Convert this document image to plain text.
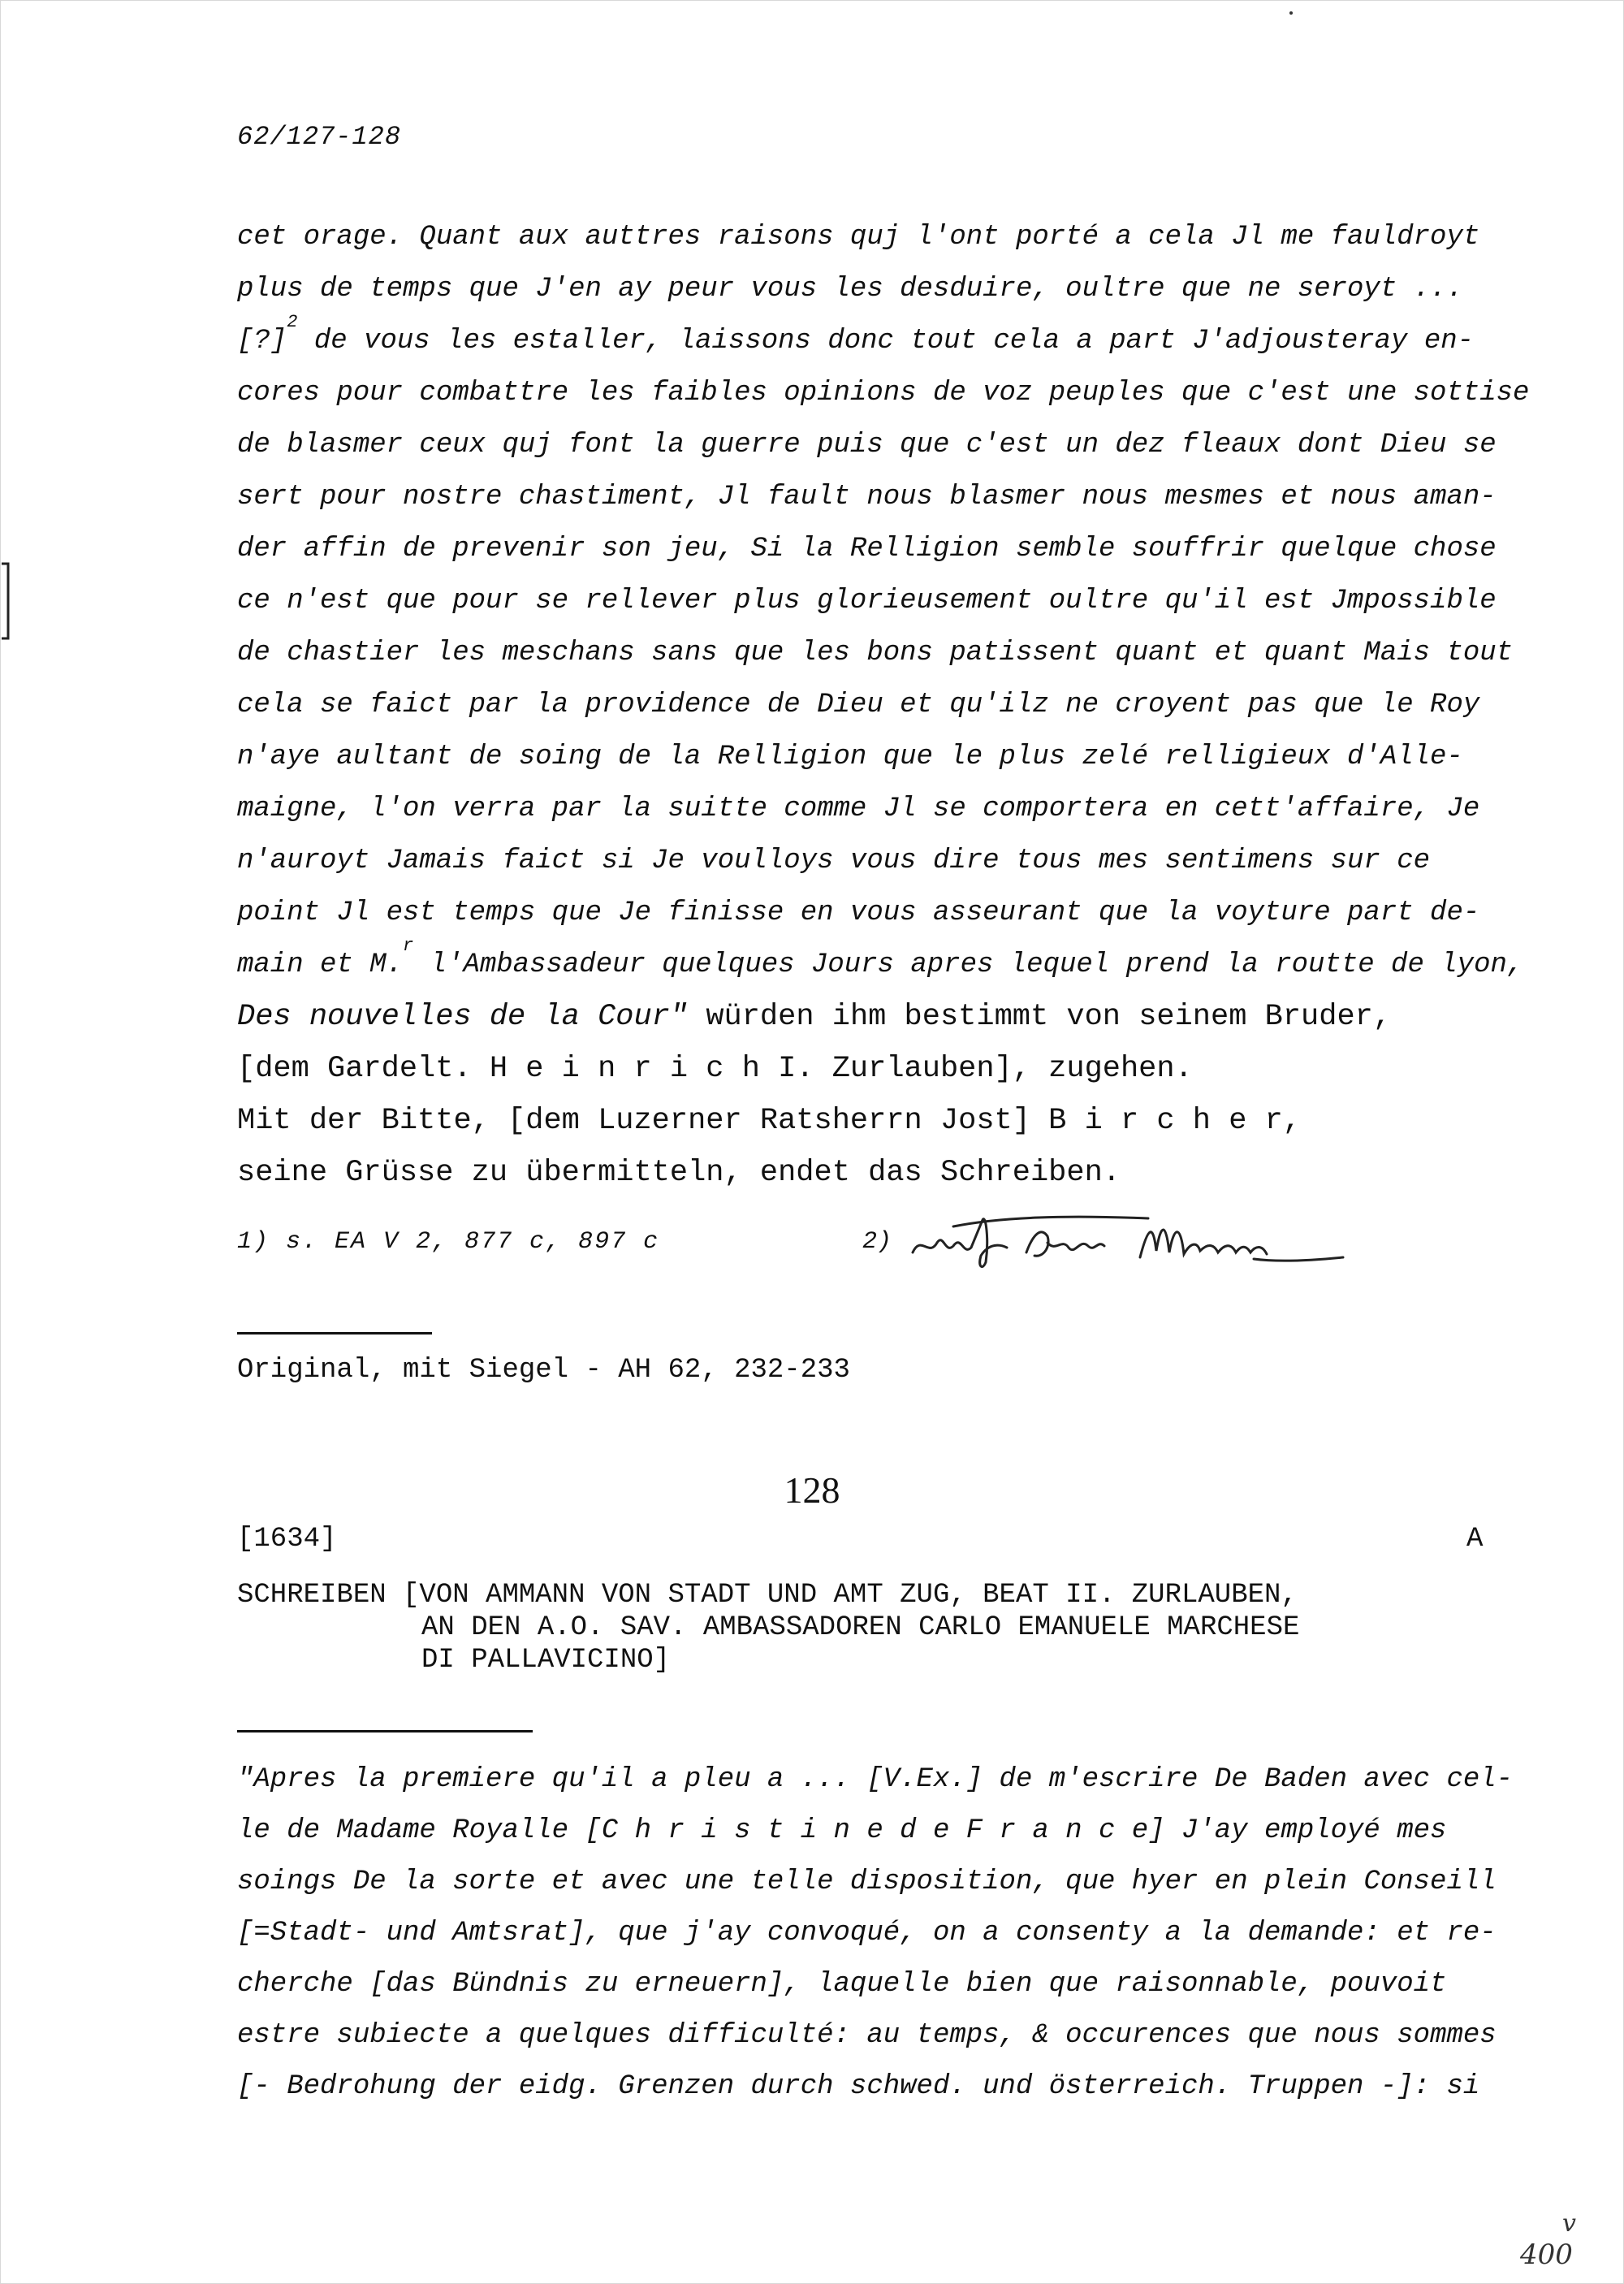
62/127-128
cet orage. Quant aux auttres raisons quj l'ont porté a cela Jl me fauldroyt
plus de temps que J'en ay peur vous les desduire, oultre que ne seroyt ...
[?]$^2$ de vous les estaller, laissons donc tout cela a part J'adjousteray en-
cores pour combattre les faibles opinions de voz peuples que c'est une sottise
de blasmer ceux quj font la guerre puis que c'est un dez fleaux dont Dieu se
sert pour nostre chastiment, Jl fault nous blasmer nous mesmes et nous aman-
der affin de prevenir son jeu, Si la Relligion semble souffrir quelque chose
ce n'est que pour se rellever plus glorieusement oultre qu'il est Jmpossible
de chastier les meschans sans que les bons patissent quant et quant Mais tout
cela se faict par la providence de Dieu et qu'ilz ne croyent pas que le Roy
n'aye aultant de soing de la Relligion que le plus zelé relligieux d'Alle-
maigne, l'on verra par la suitte comme Jl se comportera en cett'affaire, Je
n'auroyt Jamais faict si Je voulloys vous dire tous mes sentimens sur ce
point Jl est temps que Je finisse en vous asseurant que la voyture part de-
main et M.$^r$ l'Ambassadeur quelques Jours apres lequel prend la routte de lyon,
Des nouvelles de la Cour" würden ihm bestimmt von seinem Bruder,
[dem Gardelt. H e i n r i c h I. Zurlauben], zugehen.
Mit der Bitte, [dem Luzerner Ratsherrn Jost] B i r c h e r,
seine Grüsse zu übermitteln, endet das Schreiben.
1) s. EA V 2, 877 c, 897 c	2)
Original, mit Siegel - AH 62, 232-233
128
[1634]	A
SCHREIBEN [VON AMMANN VON STADT UND AMT ZUG, BEAT II. ZURLAUBEN,
AN DEN A.O. SAV. AMBASSADOREN CARLO EMANUELE MARCHESE
DI PALLAVICINO]
"Apres la premiere qu'il a pleu a ... [V.Ex.] de m'escrire De Baden avec cel-
le de Madame Royalle [C h r i s t i n e d e F r a n c e] J'ay employé mes
soings De la sorte et avec une telle disposition, que hyer en plein Conseill
[=Stadt- und Amtsrat], que j'ay convoqué, on a consenty a la demande: et re-
cherche [das Bündnis zu erneuern], laquelle bien que raisonnable, pouvoit
estre subiecte a quelques difficulté: au temps, & occurences que nous sommes
[- Bedrohung der eidg. Grenzen durch schwed. und österreich. Truppen -]: si
v
400
